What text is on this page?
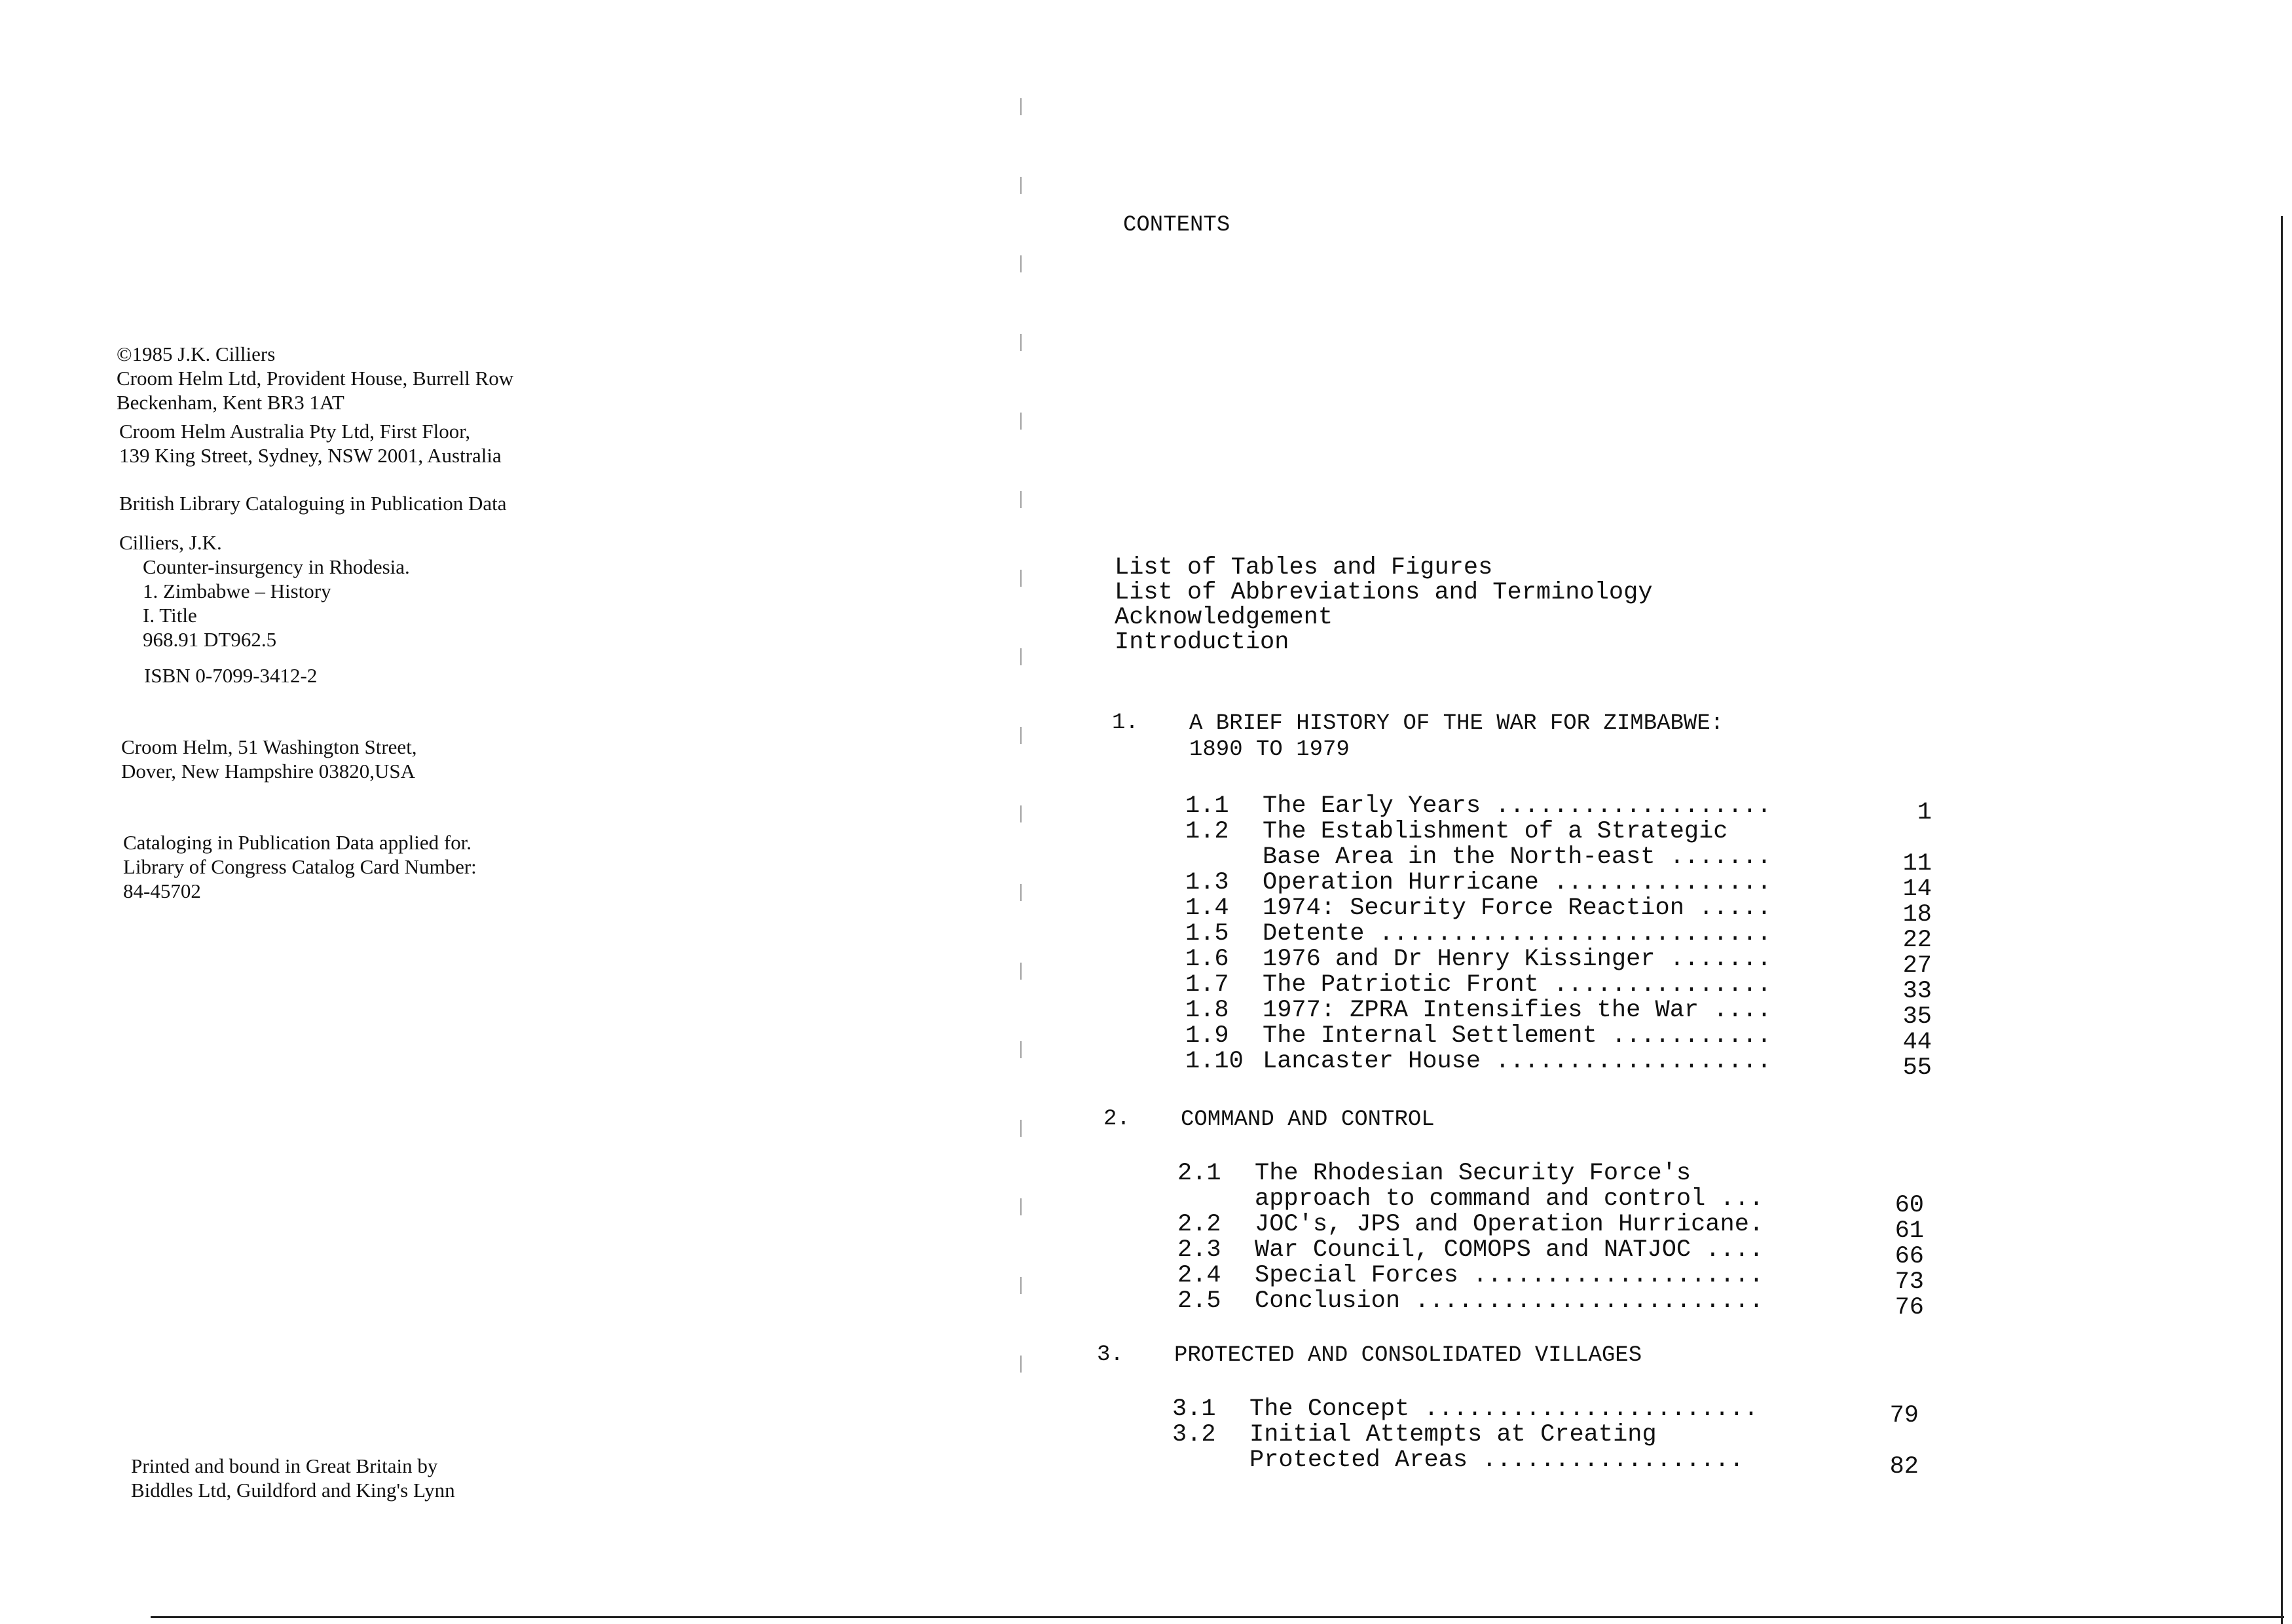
©1985 J.K. Cilliers
Croom Helm Ltd, Provident House, Burrell Row
Beckenham, Kent BR3 1AT
Croom Helm Australia Pty Ltd, First Floor,
139 King Street, Sydney, NSW 2001, Australia
British Library Cataloguing in Publication Data
Cilliers, J.K.
Counter-insurgency in Rhodesia.
1. Zimbabwe – History
I. Title
968.91 DT962.5
ISBN 0-7099-3412-2
Croom Helm, 51 Washington Street,
Dover, New Hampshire 03820,USA
Cataloging in Publication Data applied for.
Library of Congress Catalog Card Number:
84-45702
Printed and bound in Great Britain by
Biddles Ltd, Guildford and King's Lynn
CONTENTS
List of Tables and Figures
List of Abbreviations and Terminology
Acknowledgement
Introduction
1. A BRIEF HISTORY OF THE WAR FOR ZIMBABWE:
1890 TO 1979
1.1 The Early Years ...................	1
1.2 The Establishment of a Strategic
Base Area in the North-east .......	11
1.3 Operation Hurricane ...............	14
1.4 1974: Security Force Reaction .....	18
1.5 Detente ...........................	22
1.6 1976 and Dr Henry Kissinger .......	27
1.7 The Patriotic Front ...............	33
1.8 1977: ZPRA Intensifies the War ....	35
1.9 The Internal Settlement ...........	44
1.10 Lancaster House ...................	55
2. COMMAND AND CONTROL
2.1 The Rhodesian Security Force's
approach to command and control ...	60
2.2 JOC's, JPS and Operation Hurricane.	61
2.3 War Council, COMOPS and NATJOC ....	66
2.4 Special Forces ....................	73
2.5 Conclusion ........................	76
3. PROTECTED AND CONSOLIDATED VILLAGES
3.1 The Concept .......................	79
3.2 Initial Attempts at Creating
Protected Areas ..................	82
